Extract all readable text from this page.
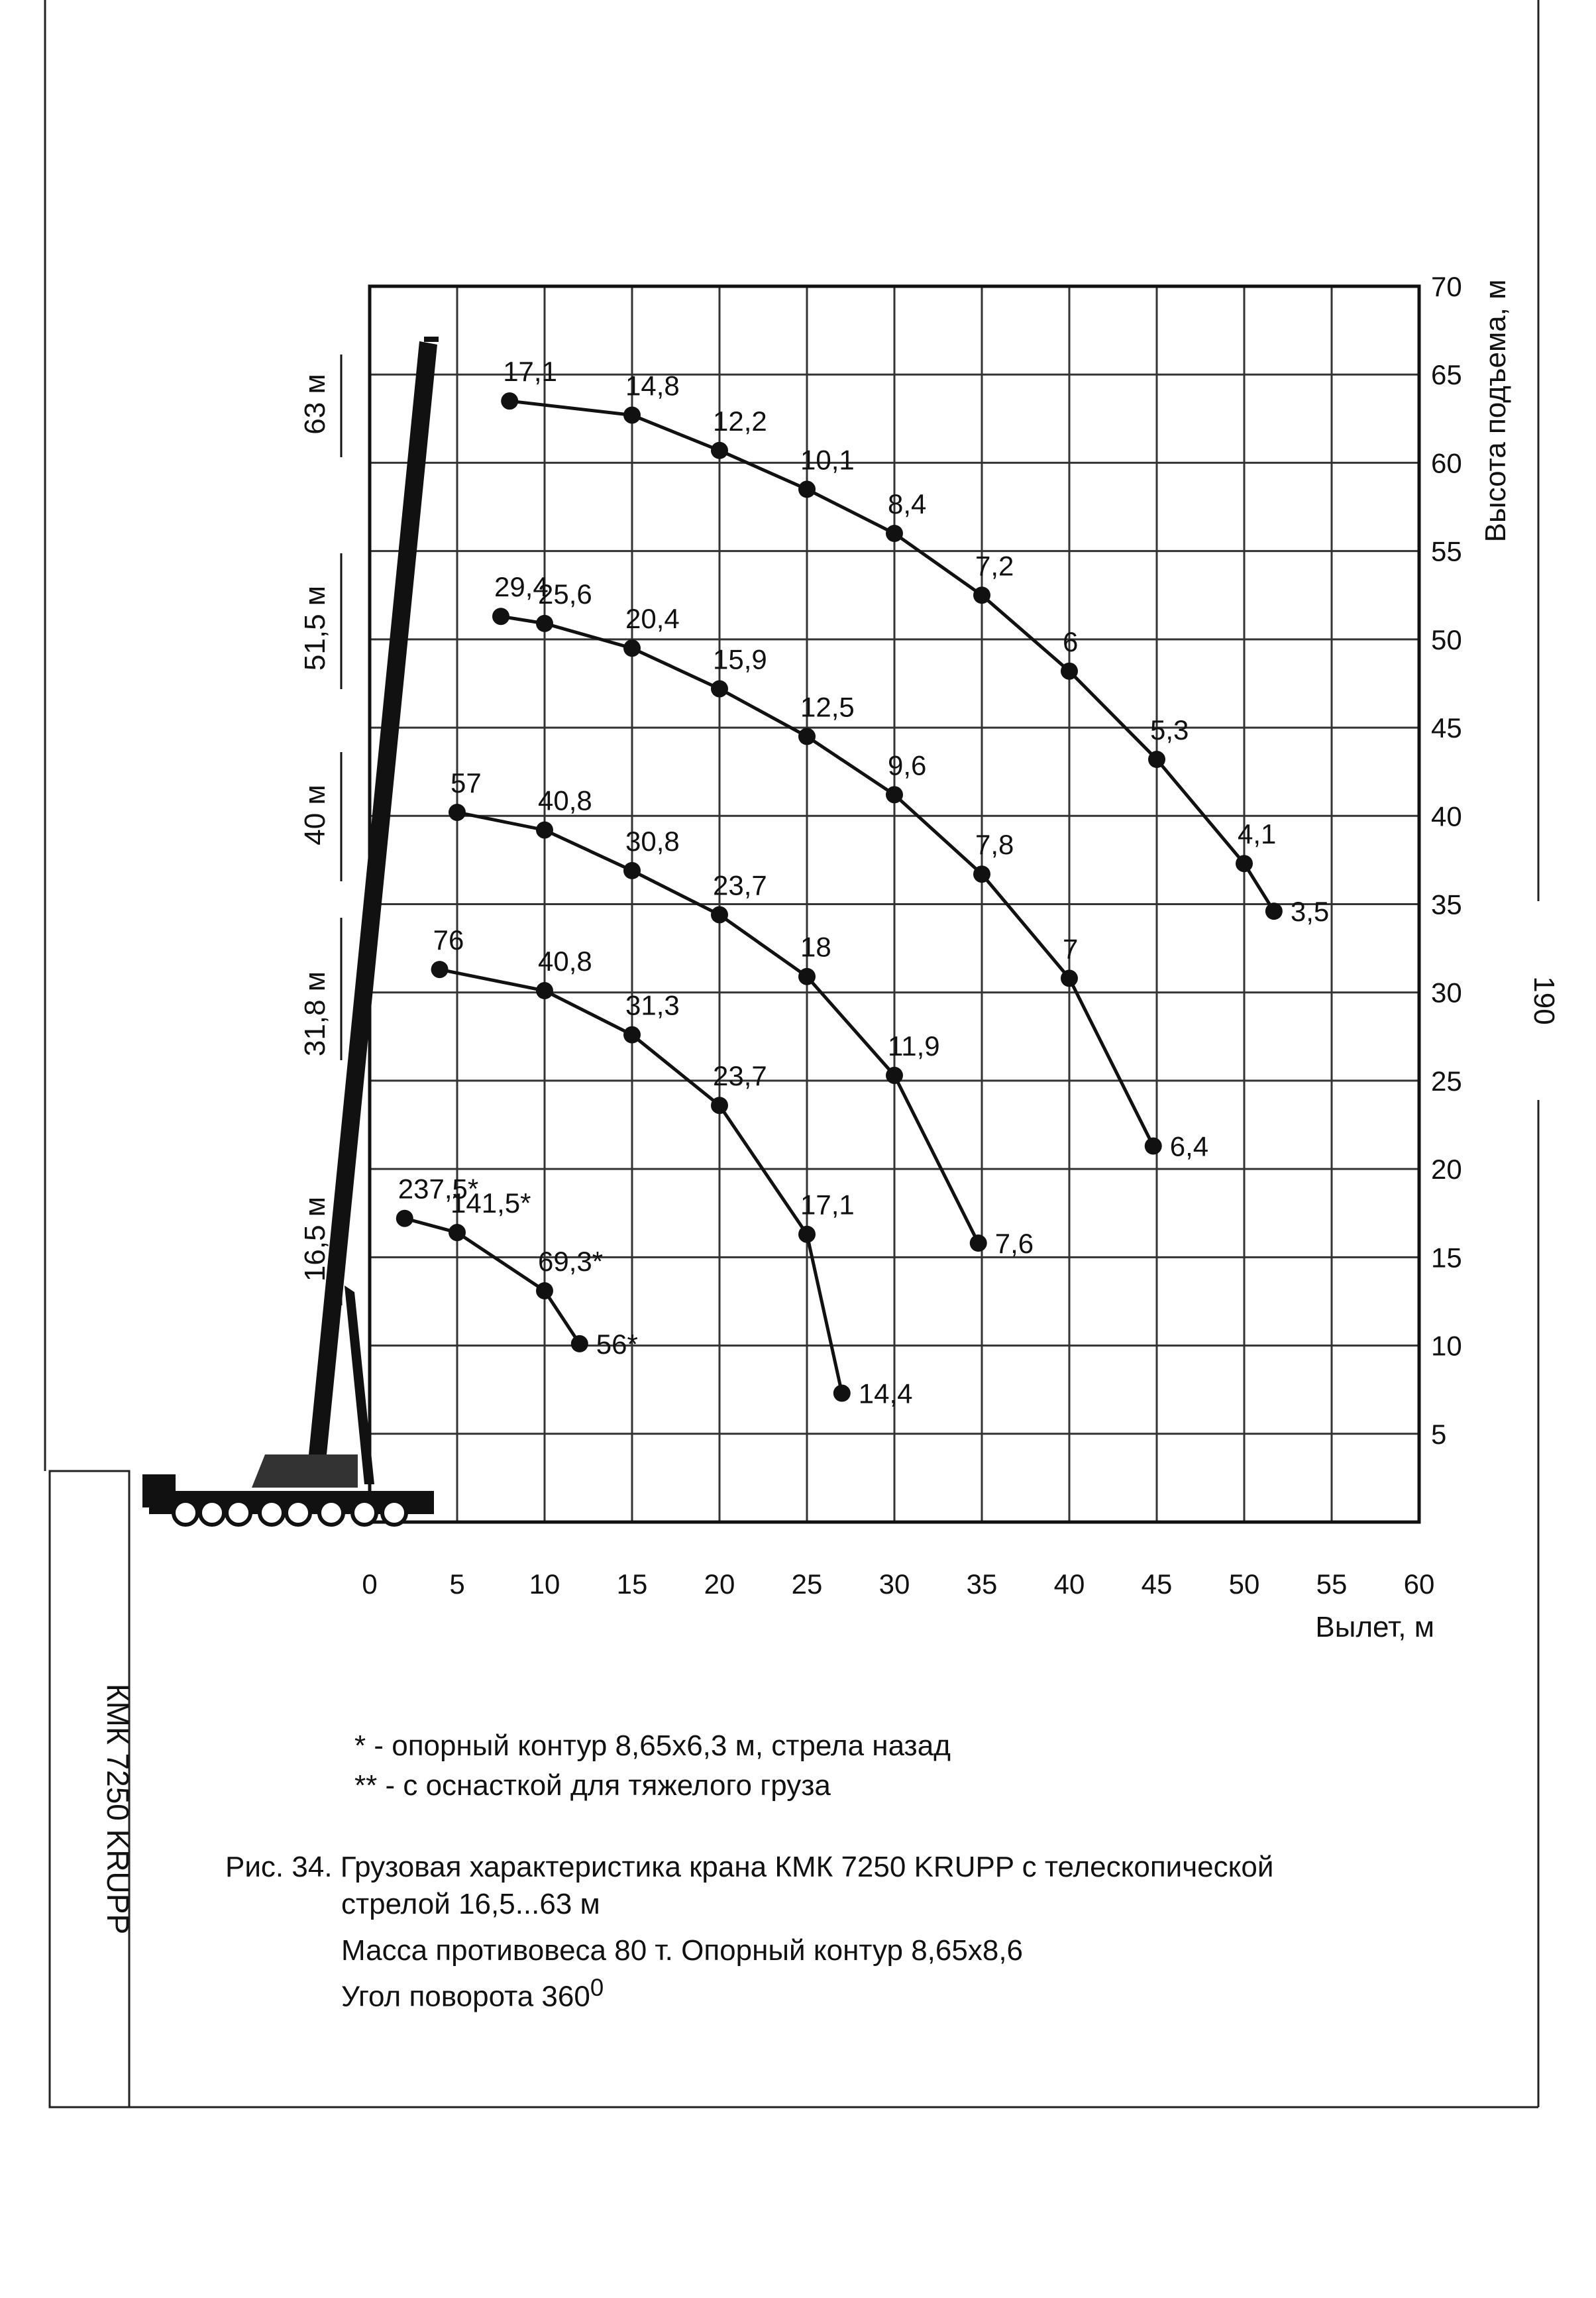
0	5 10 15 20 25 30 35 40 45 50 55 60
5
10
15
20
25
30
35
40
45
50
55
60
65
70
Вылет, м
Высота подъема, м
63 м
51,5 м
40 м
31,8 м
16,5 м
17,1 14,8
12,2
10,1
8,4
7,2
6
5,3
4,1
3,5
29,4
25,6
20,4
15,9
12,5
9,6
7,8
7
6,4
57
40,8
30,8
23,7
18
11,9
7,6
76
40,8
31,3
23,7
17,1
14,4
237,5*
141,5*
69,3*
56*
* - опорный контур 8,65х6,3 м, стрела назад
** - с оснасткой для тяжелого груза
Рис. 34. Грузовая характеристика крана КМК 7250 KRUPP с телескопической
стрелой 16,5...63 м
Масса противовеса 80 т. Опорный контур 8,65х8,6
Угол поворота $360^0$
КМК 7250 KRUPP
190
